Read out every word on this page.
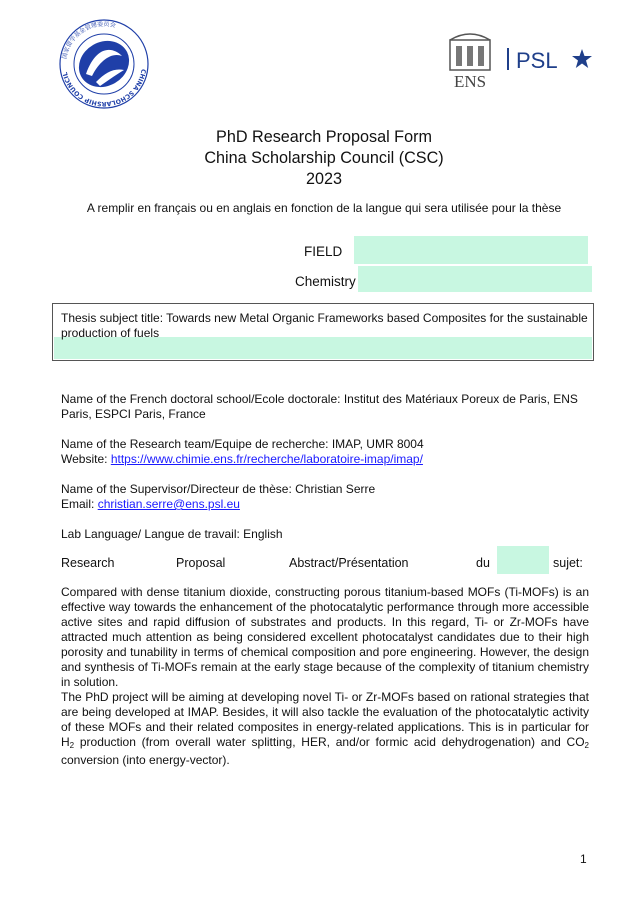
CHINA SCHOLARSHIP COUNCIL
国家留学基金管理委员会
ENS
PSL
PhD Research Proposal Form
China Scholarship Council (CSC)
2023
A remplir en français ou en anglais en fonction de la langue qui sera utilisée pour la thèse
FIELD
Chemistry
Thesis subject title: Towards new Metal Organic Frameworks based Composites for the sustainable production of fuels
Name of the French doctoral school/Ecole doctorale: Institut des Matériaux Poreux de Paris, ENS Paris, ESPCI Paris, France
Name of the Research team/Equipe de recherche: IMAP, UMR 8004
Website: https://www.chimie.ens.fr/recherche/laboratoire-imap/imap/
Name of the Supervisor/Directeur de thèse: Christian Serre
Email: christian.serre@ens.psl.eu
Lab Language/ Langue de travail: English
Research	Proposal	Abstract/Présentation	du	sujet:
Compared with dense titanium dioxide, constructing porous titanium-based MOFs (Ti-MOFs) is an effective way towards the enhancement of the photocatalytic performance through more accessible active sites and rapid diffusion of substrates and products. In this regard, Ti- or Zr-MOFs have attracted much attention as being considered excellent photocatalyst candidates due to their high porosity and tunability in terms of chemical composition and pore engineering. However, the design and synthesis of Ti-MOFs remain at the early stage because of the complexity of titanium chemistry in solution.
The PhD project will be aiming at developing novel Ti- or Zr-MOFs based on rational strategies that are being developed at IMAP. Besides, it will also tackle the evaluation of the photocatalytic activity of these MOFs and their related composites in energy-related applications. This is in particular for $H_2$ production (from overall water splitting, HER, and/or formic acid dehydrogenation) and $CO_2$ conversion (into energy-vector).
1
